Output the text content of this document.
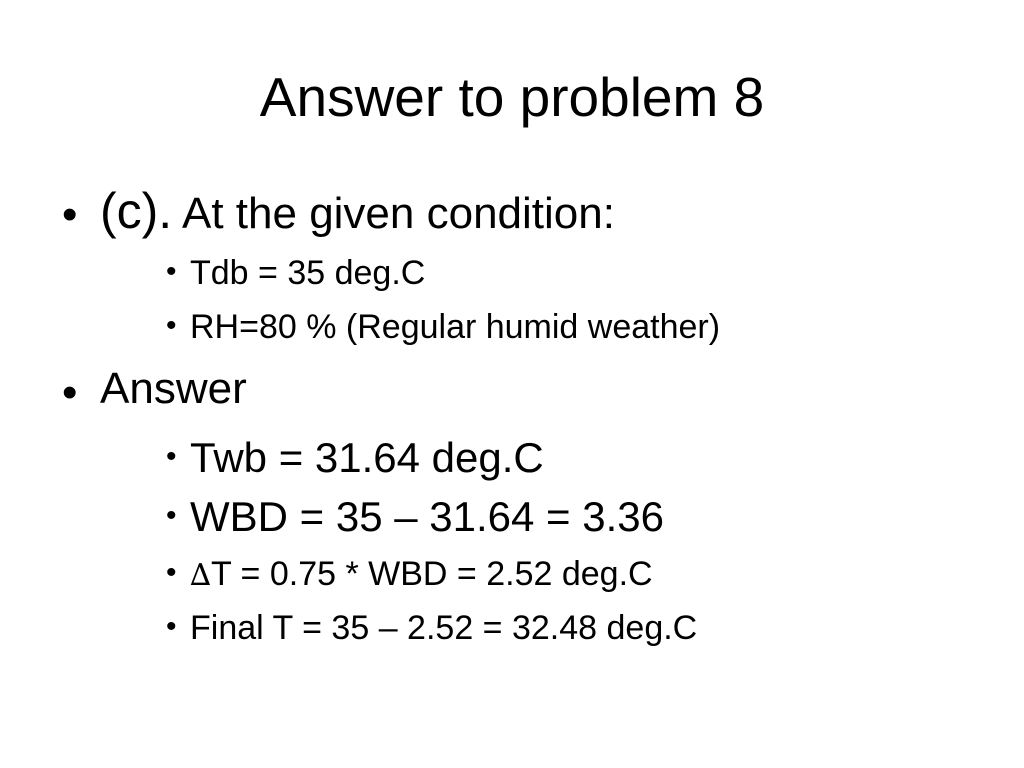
Answer to problem 8
• (c). At the given condition:
• Tdb = 35 deg.C
• RH=80 % (Regular humid weather)
• Answer
• Twb = 31.64 deg.C
• WBD = 35 – 31.64 = 3.36
• ∆T = 0.75 * WBD = 2.52 deg.C
• Final T = 35 – 2.52 = 32.48 deg.C
